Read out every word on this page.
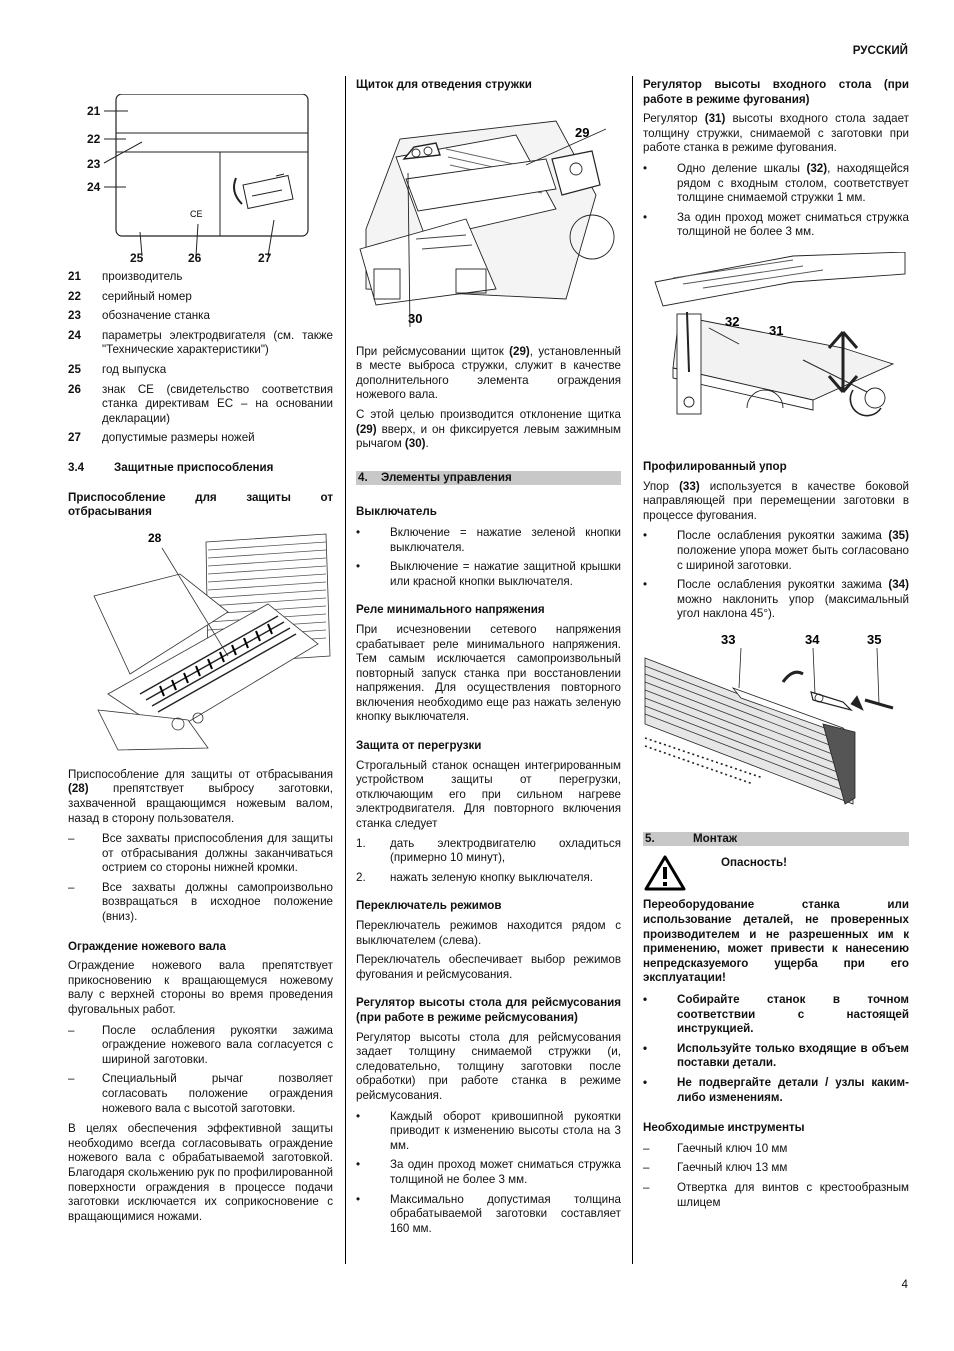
РУССКИЙ
4
CE
21
22
23
24
25	26	27
21	производитель
22	серийный номер
23	обозначение станка
24	параметры электродвигателя (см. также "Технические характеристики")
25	год выпуска
26	знак CE (свидетельство соответствия станка директивам ЕС – на основании декларации)
27	допустимые размеры ножей
3.4	Защитные приспособления

Приспособление для защиты от отбрасывания

28

Приспособление для защиты от отбрасывания (28) препятствует выбросу заготовки, захваченной вращающимся ножевым валом, назад в сторону пользователя.

–	Все захваты приспособления для защиты от отбрасывания должны заканчиваться острием со стороны нижней кромки.
–	Все захваты должны самопроизвольно возвращаться в исходное положение (вниз).

Ограждение ножевого вала

Ограждение ножевого вала препятствует прикосновению к вращающемуся ножевому валу с верхней стороны во время проведения фуговальных работ.

–	После ослабления рукоятки зажима ограждение ножевого вала согласуется с шириной заготовки.
–	Специальный рычаг позволяет согласовать положение ограждения ножевого вала с высотой заготовки.

В целях обеспечения эффективной защиты необходимо всегда согласовывать ограждение ножевого вала с обрабатываемой заготовкой. Благодаря скольжению рук по профилированной поверхности ограждения в процессе подачи заготовки исключается их соприкосновение с вращающимися ножами.

Щиток для отведения стружки

29
30

При рейсмусовании щиток (29), установленный в месте выброса стружки, служит в качестве дополнительного элемента ограждения ножевого вала.

С этой целью производится отклонение щитка (29) вверх, и он фиксируется левым зажимным рычагом (30).

4. Элементы управления

Выключатель

•	Включение = нажатие зеленой кнопки выключателя.
•	Выключение = нажатие защитной крышки или красной кнопки выключателя.

Реле минимального напряжения

При исчезновении сетевого напряжения срабатывает реле минимального напряжения. Тем самым исключается самопроизвольный повторный запуск станка при восстановлении напряжения. Для осуществления повторного включения необходимо еще раз нажать зеленую кнопку выключателя.

Защита от перегрузки

Строгальный станок оснащен интегрированным устройством защиты от перегрузки, отключающим его при сильном нагреве электродвигателя. Для повторного включения станка следует

1.	дать электродвигателю охладиться (примерно 10 минут),
2.	нажать зеленую кнопку выключателя.

Переключатель режимов

Переключатель режимов находится рядом с выключателем (слева).

Переключатель обеспечивает выбор режимов фугования и рейсмусования.

Регулятор высоты стола для рейсмусования (при работе в режиме рейсмусования)

Регулятор высоты стола для рейсмусования задает толщину снимаемой стружки (и, следовательно, толщину заготовки после обработки) при работе станка в режиме рейсмусования.

•	Каждый оборот кривошипной рукоятки приводит к изменению высоты стола на 3 мм.
•	За один проход может сниматься стружка толщиной не более 3 мм.
•	Максимально допустимая толщина обрабатываемой заготовки составляет 160 мм.

Регулятор высоты входного стола (при работе в режиме фугования)

Регулятор (31) высоты входного стола задает толщину стружки, снимаемой с заготовки при работе станка в режиме фугования.

•	Одно деление шкалы (32), находящейся рядом с входным столом, соответствует толщине снимаемой стружки 1 мм.
•	За один проход может сниматься стружка толщиной не более 3 мм.
32
31

Профилированный упор

Упор (33) используется в качестве боковой направляющей при перемещении заготовки в процессе фугования.

•	После ослабления рукоятки зажима (35) положение упора может быть согласовано с шириной заготовки.
•	После ослабления рукоятки зажима (34) можно наклонить упор (максимальный угол наклона 45°).
33	34	35
5.	Монтаж
Опасность!

Переоборудование станка или использование деталей, не проверенных производителем и не разрешенных им к применению, может привести к нанесению непредсказуемого ущерба при его эксплуатации!

•	Собирайте станок в точном соответствии с настоящей инструкцией.
•	Используйте только входящие в объем поставки детали.
•	Не подвергайте детали / узлы каким-либо изменениям.

Необходимые инструменты

–	Гаечный ключ 10 мм
–	Гаечный ключ 13 мм
–	Отвертка для винтов с крестообразным шлицем
